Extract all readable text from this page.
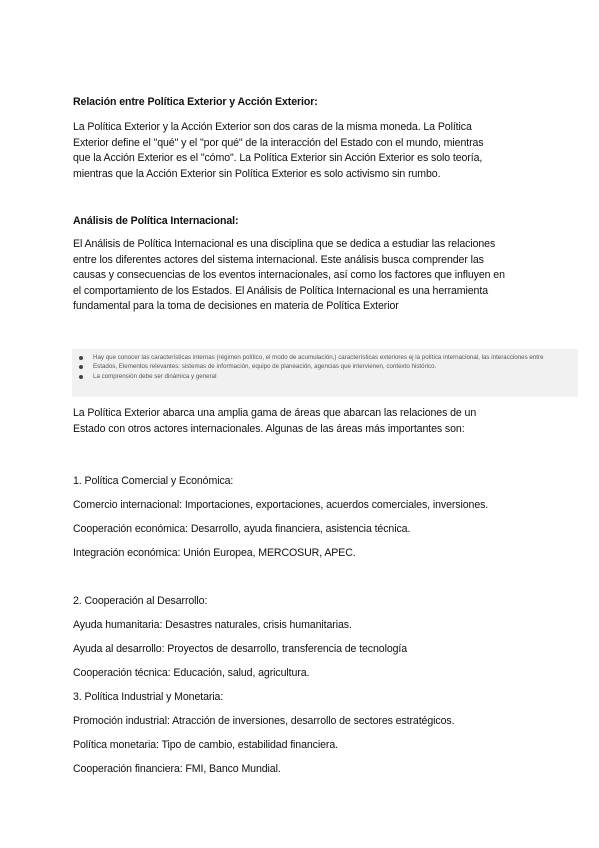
Relación entre Política Exterior y Acción Exterior:
La Política Exterior y la Acción Exterior son dos caras de la misma moneda. La Política
Exterior define el "qué" y el "por qué" de la interacción del Estado con el mundo, mientras
que la Acción Exterior es el "cómo". La Política Exterior sin Acción Exterior es solo teoría,
mientras que la Acción Exterior sin Política Exterior es solo activismo sin rumbo.
Análisis de Política Internacional:
El Análisis de Política Internacional es una disciplina que se dedica a estudiar las relaciones
entre los diferentes actores del sistema internacional. Este análisis busca comprender las
causas y consecuencias de los eventos internacionales, así como los factores que influyen en
el comportamiento de los Estados. El Análisis de Política Internacional es una herramienta
fundamental para la toma de decisiones en materia de Política Exterior
Hay que conocer las características internas (régimen político, el modo de acumulación,) características exteriores ej la política internacional, las interacciones entre
Estados, Elementos relevantes: sistemas de información, equipo de planeación, agencias que intervienen, contexto histórico.
La comprensión debe ser dinámica y general
La Política Exterior abarca una amplia gama de áreas que abarcan las relaciones de un
Estado con otros actores internacionales. Algunas de las áreas más importantes son:
1. Política Comercial y Económica:
Comercio internacional: Importaciones, exportaciones, acuerdos comerciales, inversiones.
Cooperación económica: Desarrollo, ayuda financiera, asistencia técnica.
Integración económica: Unión Europea, MERCOSUR, APEC.
2. Cooperación al Desarrollo:
Ayuda humanitaria: Desastres naturales, crisis humanitarias.
Ayuda al desarrollo: Proyectos de desarrollo, transferencia de tecnología
Cooperación técnica: Educación, salud, agricultura.
3. Política Industrial y Monetaria:
Promoción industrial: Atracción de inversiones, desarrollo de sectores estratégicos.
Política monetaria: Tipo de cambio, estabilidad financiera.
Cooperación financiera: FMI, Banco Mundial.
